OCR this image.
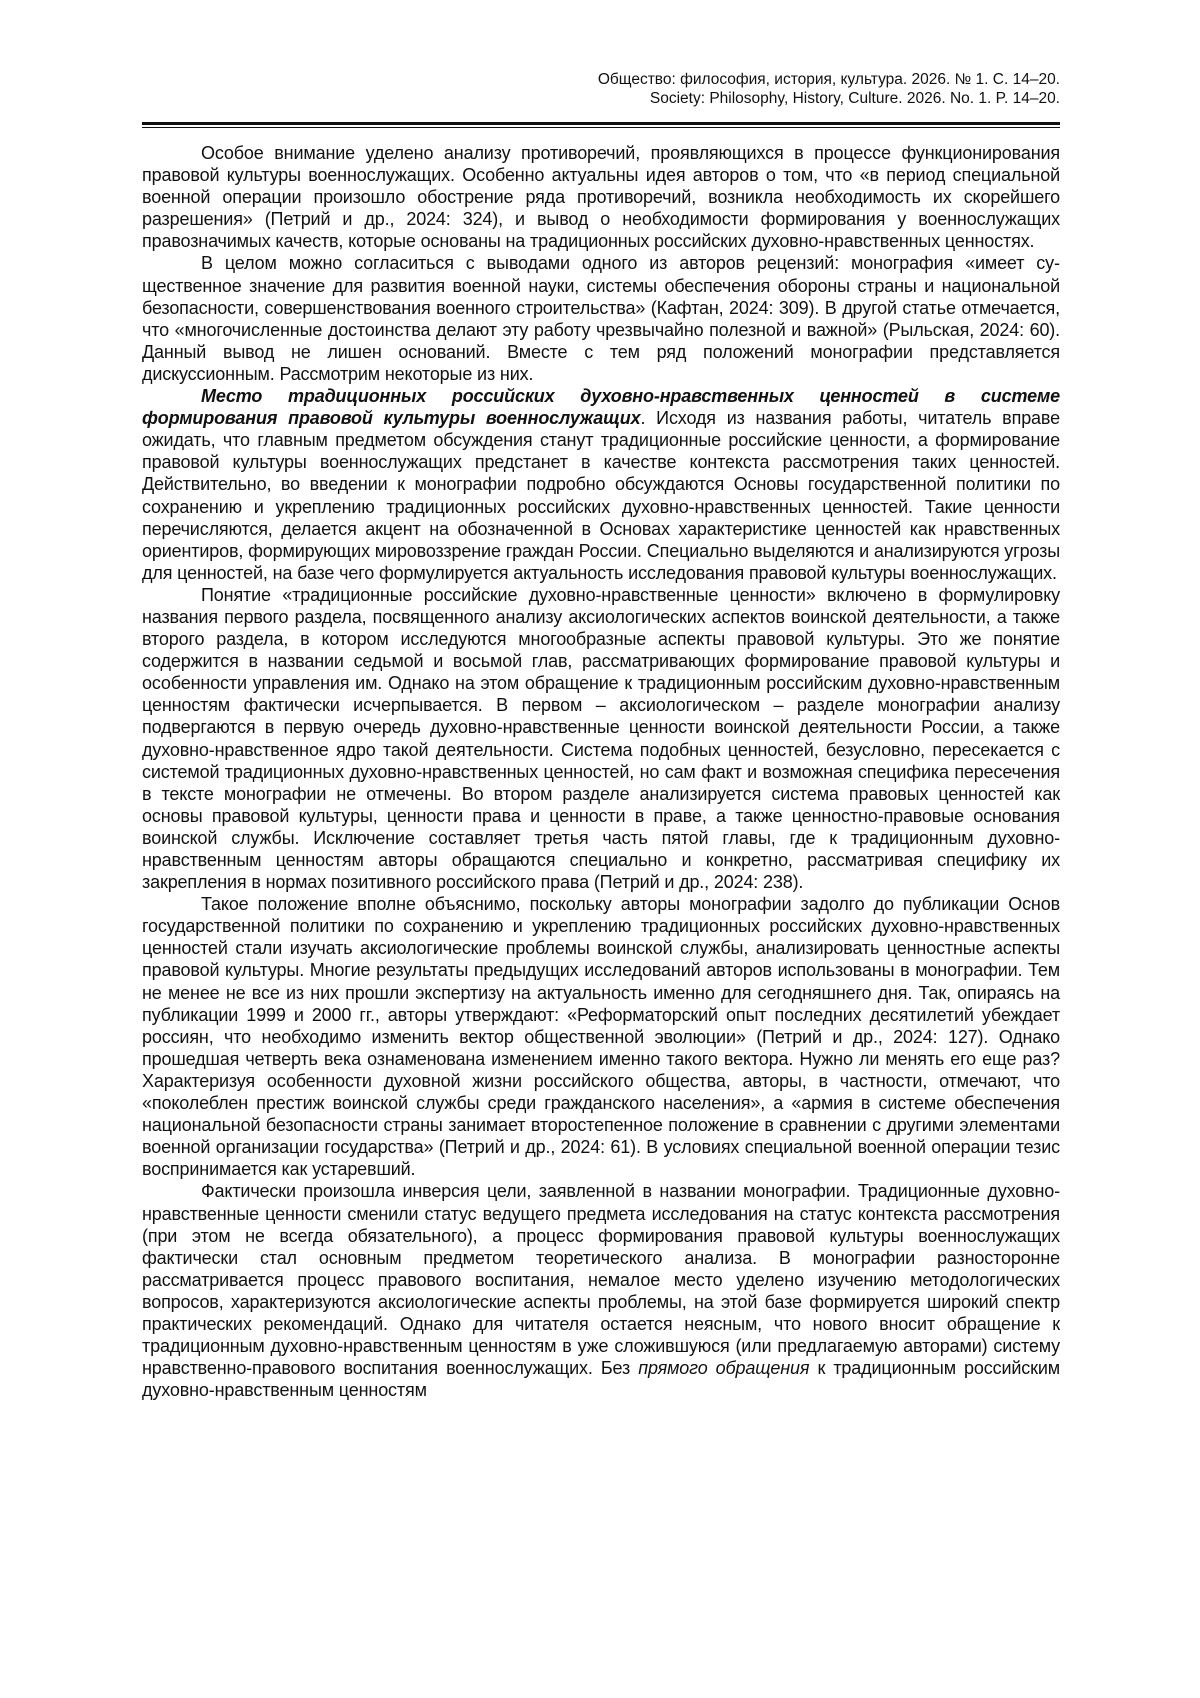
Общество: философия, история, культура. 2026. № 1. С. 14–20.
Society: Philosophy, History, Culture. 2026. No. 1. P. 14–20.

Особое внимание уделено анализу противоречий, проявляющихся в процессе функционирования правовой культуры военнослужащих. Особенно актуальны идея авторов о том, что «в период специальной военной операции произошло обострение ряда противоречий, возникла необходимость их скорейшего разрешения» (Петрий и др., 2024: 324), и вывод о необходимости формирования у военнослужащих правозначимых качеств, которые основаны на традиционных российских духовно-нравственных ценностях.

В целом можно согласиться с выводами одного из авторов рецензий: монография «имеет существенное значение для развития военной науки, системы обеспечения обороны страны и национальной безопасности, совершенствования военного строительства» (Кафтан, 2024: 309). В другой статье отмечается, что «многочисленные достоинства делают эту работу чрезвычайно полезной и важной» (Рыльская, 2024: 60). Данный вывод не лишен оснований. Вместе с тем ряд положений монографии представляется дискуссионным. Рассмотрим некоторые из них.

Место традиционных российских духовно-нравственных ценностей в системе формирования правовой культуры военнослужащих. Исходя из названия работы, читатель вправе ожидать, что главным предметом обсуждения станут традиционные российские ценности, а формирование правовой культуры военнослужащих предстанет в качестве контекста рассмотрения таких ценностей. Действительно, во введении к монографии подробно обсуждаются Основы государственной политики по сохранению и укреплению традиционных российских духовно-нравственных ценностей. Такие ценности перечисляются, делается акцент на обозначенной в Основах характеристике ценностей как нравственных ориентиров, формирующих мировоззрение граждан России. Специально выделяются и анализируются угрозы для ценностей, на базе чего формулируется актуальность исследования правовой культуры военнослужащих.

Понятие «традиционные российские духовно-нравственные ценности» включено в формулировку названия первого раздела, посвященного анализу аксиологических аспектов воинской деятельности, а также второго раздела, в котором исследуются многообразные аспекты правовой культуры. Это же понятие содержится в названии седьмой и восьмой глав, рассматривающих формирование правовой культуры и особенности управления им. Однако на этом обращение к традиционным российским духовно-нравственным ценностям фактически исчерпывается. В первом – аксиологическом – разделе монографии анализу подвергаются в первую очередь духовно-нравственные ценности воинской деятельности России, а также духовно-нравственное ядро такой деятельности. Система подобных ценностей, безусловно, пересекается с системой традиционных духовно-нравственных ценностей, но сам факт и возможная специфика пересечения в тексте монографии не отмечены. Во втором разделе анализируется система правовых ценностей как основы правовой культуры, ценности права и ценности в праве, а также ценностно-правовые основания воинской службы. Исключение составляет третья часть пятой главы, где к традиционным духовно-нравственным ценностям авторы обращаются специально и конкретно, рассматривая специфику их закрепления в нормах позитивного российского права (Петрий и др., 2024: 238).

Такое положение вполне объяснимо, поскольку авторы монографии задолго до публикации Основ государственной политики по сохранению и укреплению традиционных российских духовно-нравственных ценностей стали изучать аксиологические проблемы воинской службы, анализировать ценностные аспекты правовой культуры. Многие результаты предыдущих исследований авторов использованы в монографии. Тем не менее не все из них прошли экспертизу на актуальность именно для сегодняшнего дня. Так, опираясь на публикации 1999 и 2000 гг., авторы утверждают: «Реформаторский опыт последних десятилетий убеждает россиян, что необходимо изменить вектор общественной эволюции» (Петрий и др., 2024: 127). Однако прошедшая четверть века ознаменована изменением именно такого вектора. Нужно ли менять его еще раз? Характеризуя особенности духовной жизни российского общества, авторы, в частности, отмечают, что «поколеблен престиж воинской службы среди гражданского населения», а «армия в системе обеспечения национальной безопасности страны занимает второстепенное положение в сравнении с другими элементами военной организации государства» (Петрий и др., 2024: 61). В условиях специальной военной операции тезис воспринимается как устаревший.

Фактически произошла инверсия цели, заявленной в названии монографии. Традиционные духовно-нравственные ценности сменили статус ведущего предмета исследования на статус контекста рассмотрения (при этом не всегда обязательного), а процесс формирования правовой культуры военнослужащих фактически стал основным предметом теоретического анализа. В монографии разносторонне рассматривается процесс правового воспитания, немалое место уделено изучению методологических вопросов, характеризуются аксиологические аспекты проблемы, на этой базе формируется широкий спектр практических рекомендаций. Однако для читателя остается неясным, что нового вносит обращение к традиционным духовно-нравственным ценностям в уже сложившуюся (или предлагаемую авторами) систему нравственно-правового воспитания военнослужащих. Без прямого обращения к традиционным российским духовно-нравственным ценностям
